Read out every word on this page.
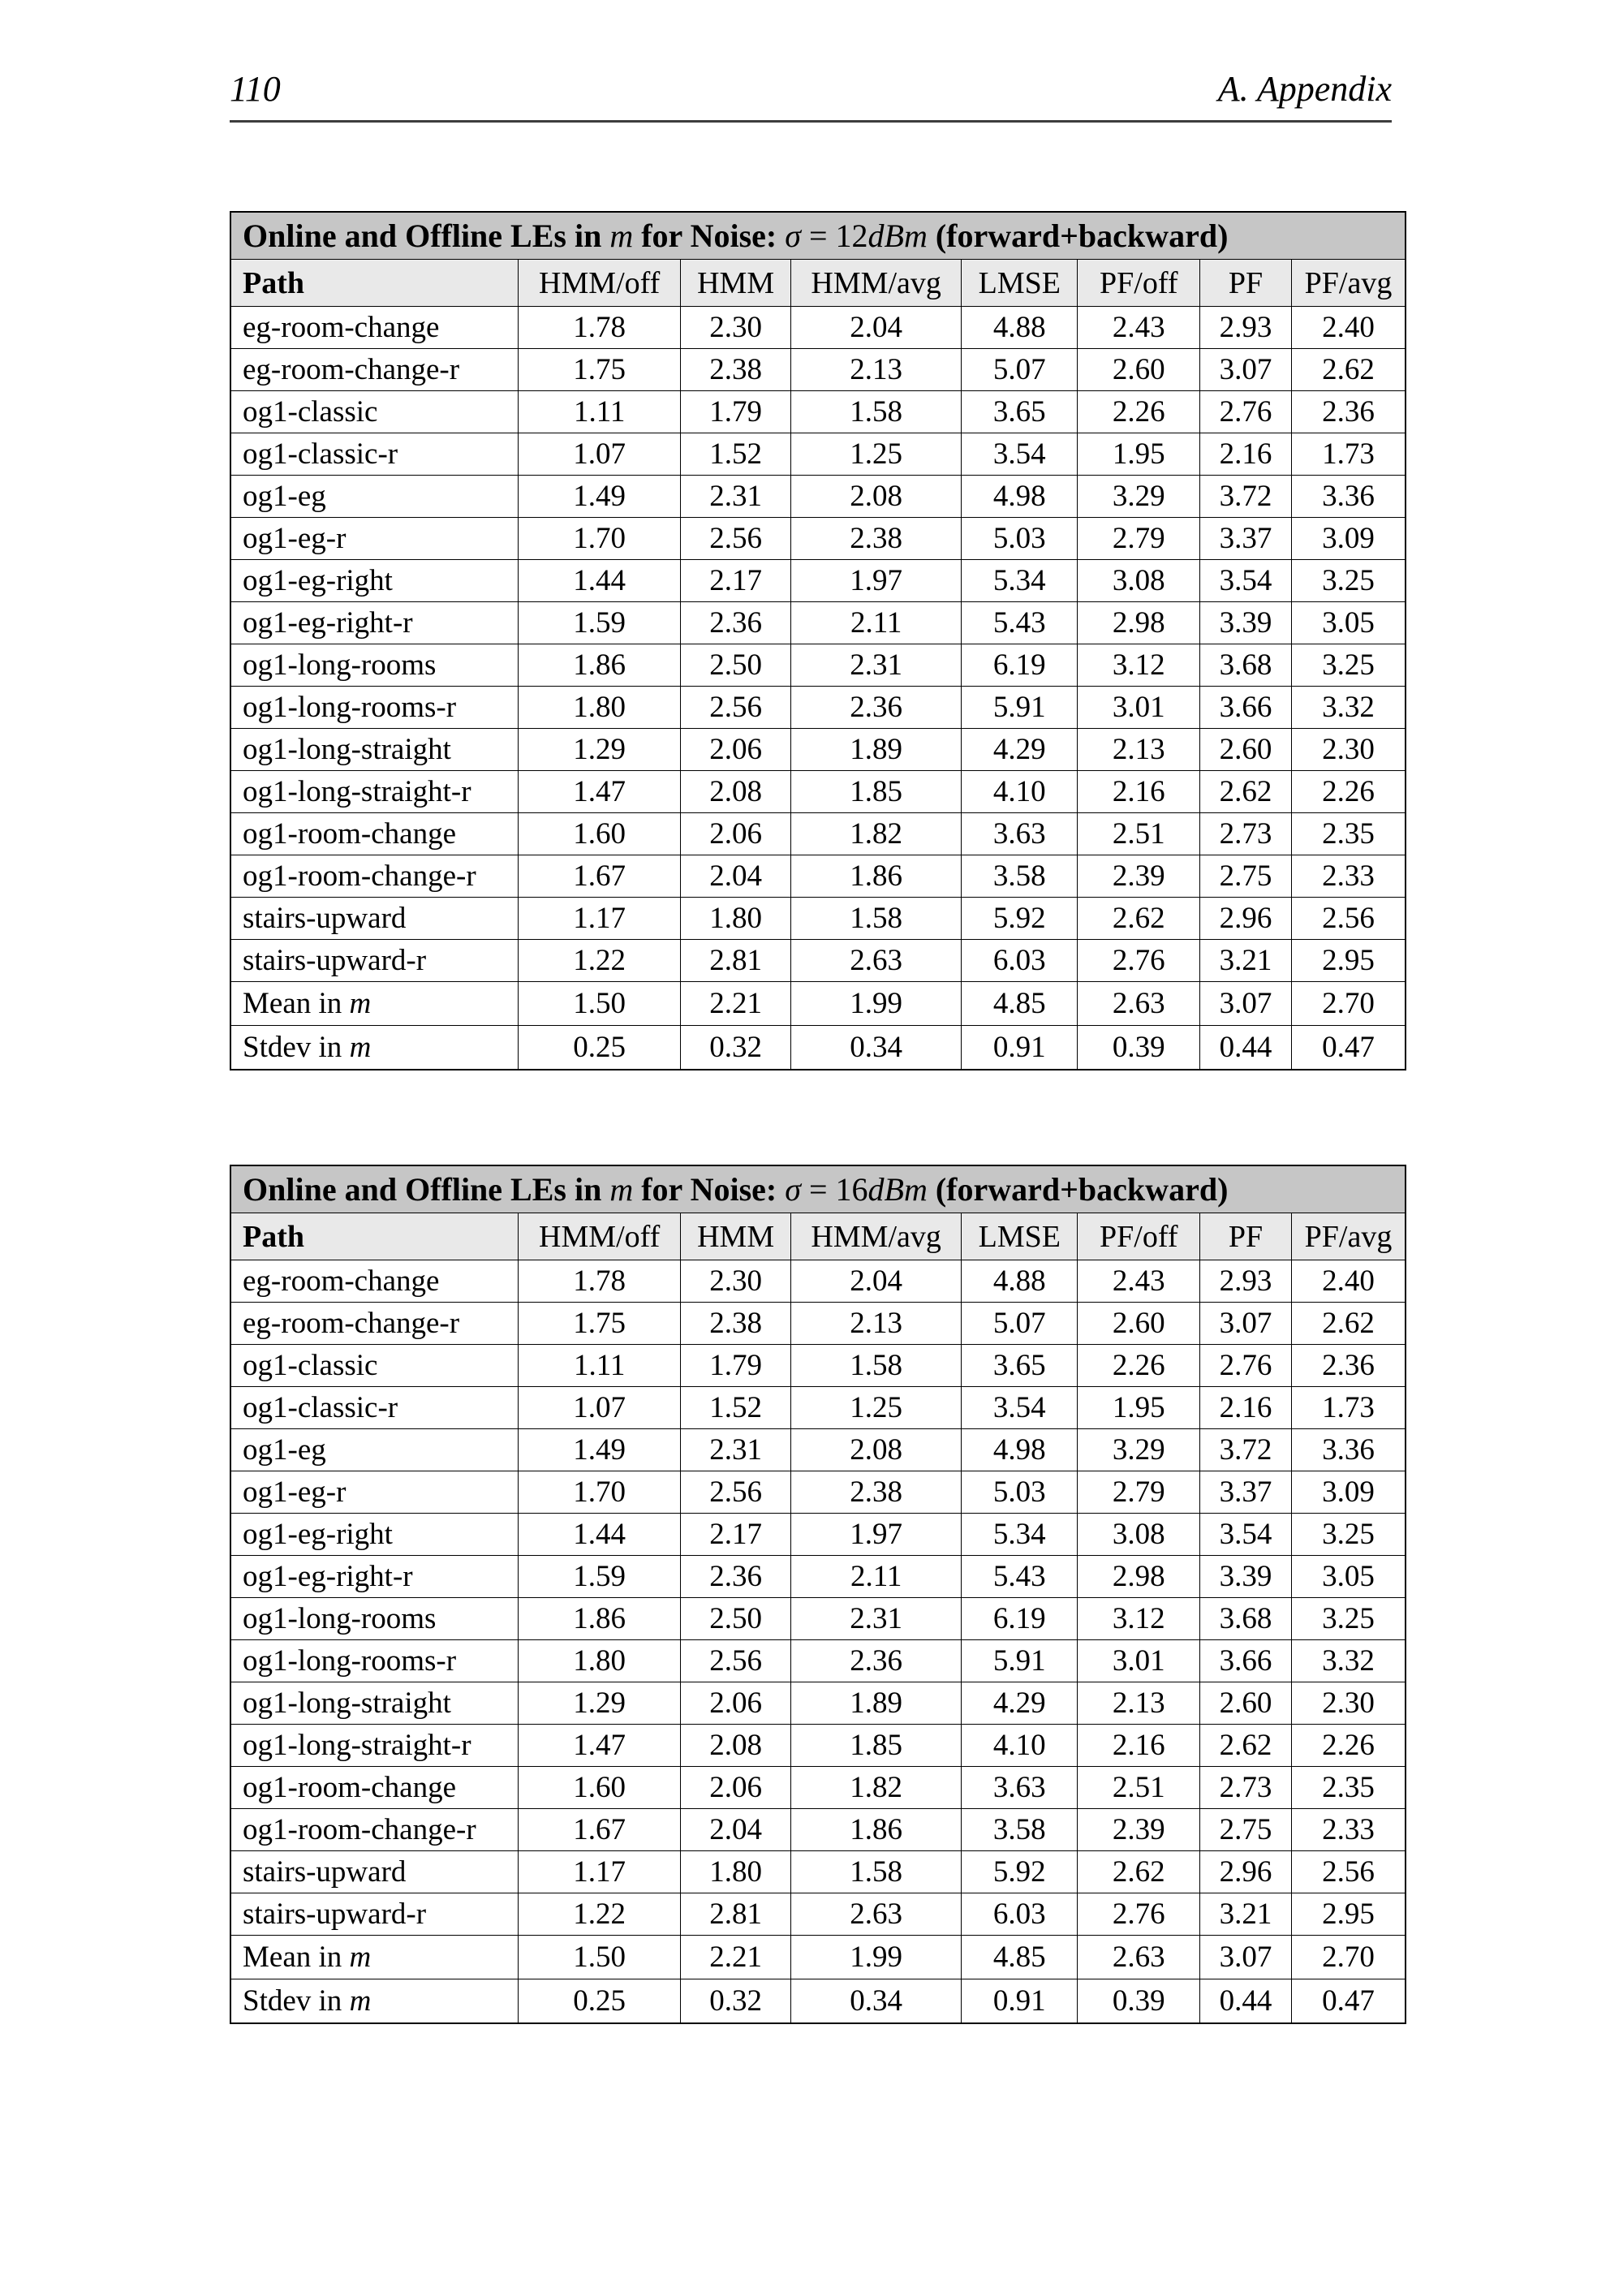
110	A. Appendix
Online and Offline LEs in m for Noise: σ = 12dBm (forward+backward)							
Path	HMM/off	HMM	HMM/avg	LMSE	PF/off	PF	PF/avg
eg-room-change	1.78	2.30	2.04	4.88	2.43	2.93	2.40
eg-room-change-r	1.75	2.38	2.13	5.07	2.60	3.07	2.62
og1-classic	1.11	1.79	1.58	3.65	2.26	2.76	2.36
og1-classic-r	1.07	1.52	1.25	3.54	1.95	2.16	1.73
og1-eg	1.49	2.31	2.08	4.98	3.29	3.72	3.36
og1-eg-r	1.70	2.56	2.38	5.03	2.79	3.37	3.09
og1-eg-right	1.44	2.17	1.97	5.34	3.08	3.54	3.25
og1-eg-right-r	1.59	2.36	2.11	5.43	2.98	3.39	3.05
og1-long-rooms	1.86	2.50	2.31	6.19	3.12	3.68	3.25
og1-long-rooms-r	1.80	2.56	2.36	5.91	3.01	3.66	3.32
og1-long-straight	1.29	2.06	1.89	4.29	2.13	2.60	2.30
og1-long-straight-r	1.47	2.08	1.85	4.10	2.16	2.62	2.26
og1-room-change	1.60	2.06	1.82	3.63	2.51	2.73	2.35
og1-room-change-r	1.67	2.04	1.86	3.58	2.39	2.75	2.33
stairs-upward	1.17	1.80	1.58	5.92	2.62	2.96	2.56
stairs-upward-r	1.22	2.81	2.63	6.03	2.76	3.21	2.95
Mean in m	1.50	2.21	1.99	4.85	2.63	3.07	2.70
Stdev in m	0.25	0.32	0.34	0.91	0.39	0.44	0.47
Online and Offline LEs in m for Noise: σ = 16dBm (forward+backward)							
Path	HMM/off	HMM	HMM/avg	LMSE	PF/off	PF	PF/avg
eg-room-change	1.78	2.30	2.04	4.88	2.43	2.93	2.40
eg-room-change-r	1.75	2.38	2.13	5.07	2.60	3.07	2.62
og1-classic	1.11	1.79	1.58	3.65	2.26	2.76	2.36
og1-classic-r	1.07	1.52	1.25	3.54	1.95	2.16	1.73
og1-eg	1.49	2.31	2.08	4.98	3.29	3.72	3.36
og1-eg-r	1.70	2.56	2.38	5.03	2.79	3.37	3.09
og1-eg-right	1.44	2.17	1.97	5.34	3.08	3.54	3.25
og1-eg-right-r	1.59	2.36	2.11	5.43	2.98	3.39	3.05
og1-long-rooms	1.86	2.50	2.31	6.19	3.12	3.68	3.25
og1-long-rooms-r	1.80	2.56	2.36	5.91	3.01	3.66	3.32
og1-long-straight	1.29	2.06	1.89	4.29	2.13	2.60	2.30
og1-long-straight-r	1.47	2.08	1.85	4.10	2.16	2.62	2.26
og1-room-change	1.60	2.06	1.82	3.63	2.51	2.73	2.35
og1-room-change-r	1.67	2.04	1.86	3.58	2.39	2.75	2.33
stairs-upward	1.17	1.80	1.58	5.92	2.62	2.96	2.56
stairs-upward-r	1.22	2.81	2.63	6.03	2.76	3.21	2.95
Mean in m	1.50	2.21	1.99	4.85	2.63	3.07	2.70
Stdev in m	0.25	0.32	0.34	0.91	0.39	0.44	0.47
